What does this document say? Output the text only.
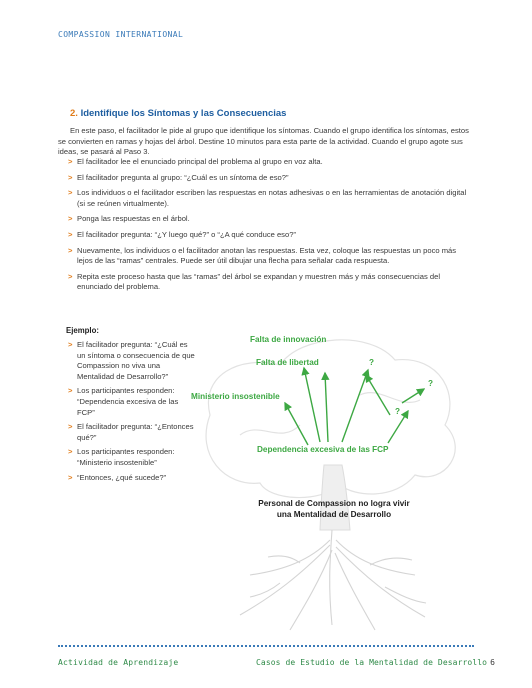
COMPASSION INTERNATIONAL
2. Identifique los Síntomas y las Consecuencias
En este paso, el facilitador le pide al grupo que identifique los síntomas. Cuando el grupo identifica los síntomas, estos se convierten en ramas y hojas del árbol. Destine 10 minutos para esta parte de la actividad. Cuando el grupo agote sus ideas, se pasará al Paso 3.
> El facilitador lee el enunciado principal del problema al grupo en voz alta.
> El facilitador pregunta al grupo: “¿Cuál es un síntoma de eso?”
> Los individuos o el facilitador escriben las respuestas en notas adhesivas o en las herramientas de anotación digital (si se reúnen virtualmente).
> Ponga las respuestas en el árbol.
> El facilitador pregunta: “¿Y luego qué?” o “¿A qué conduce eso?”
> Nuevamente, los individuos o el facilitador anotan las respuestas. Esta vez, coloque las respuestas un poco más lejos de las “ramas” centrales. Puede ser útil dibujar una flecha para señalar cada respuesta.
> Repita este proceso hasta que las “ramas” del árbol se expandan y muestren más y más consecuencias del enunciado del problema.
Ejemplo:
> El facilitador pregunta: “¿Cuál es un síntoma o consecuencia de que Compassion no viva una Mentalidad de Desarrollo?”
> Los participantes responden: “Dependencia excesiva de las FCP”
> El facilitador pregunta: “¿Entonces qué?”
> Los participantes responden: “Ministerio insostenible”
> “Entonces, ¿qué sucede?”
Falta de innovación
Falta de libertad
Ministerio insostenible
Dependencia excesiva de las FCP
?
?
?
Personal de Compassion no logra vivir
una Mentalidad de Desarrollo
Actividad de Aprendizaje	Casos de Estudio de la Mentalidad de Desarrollo 6
